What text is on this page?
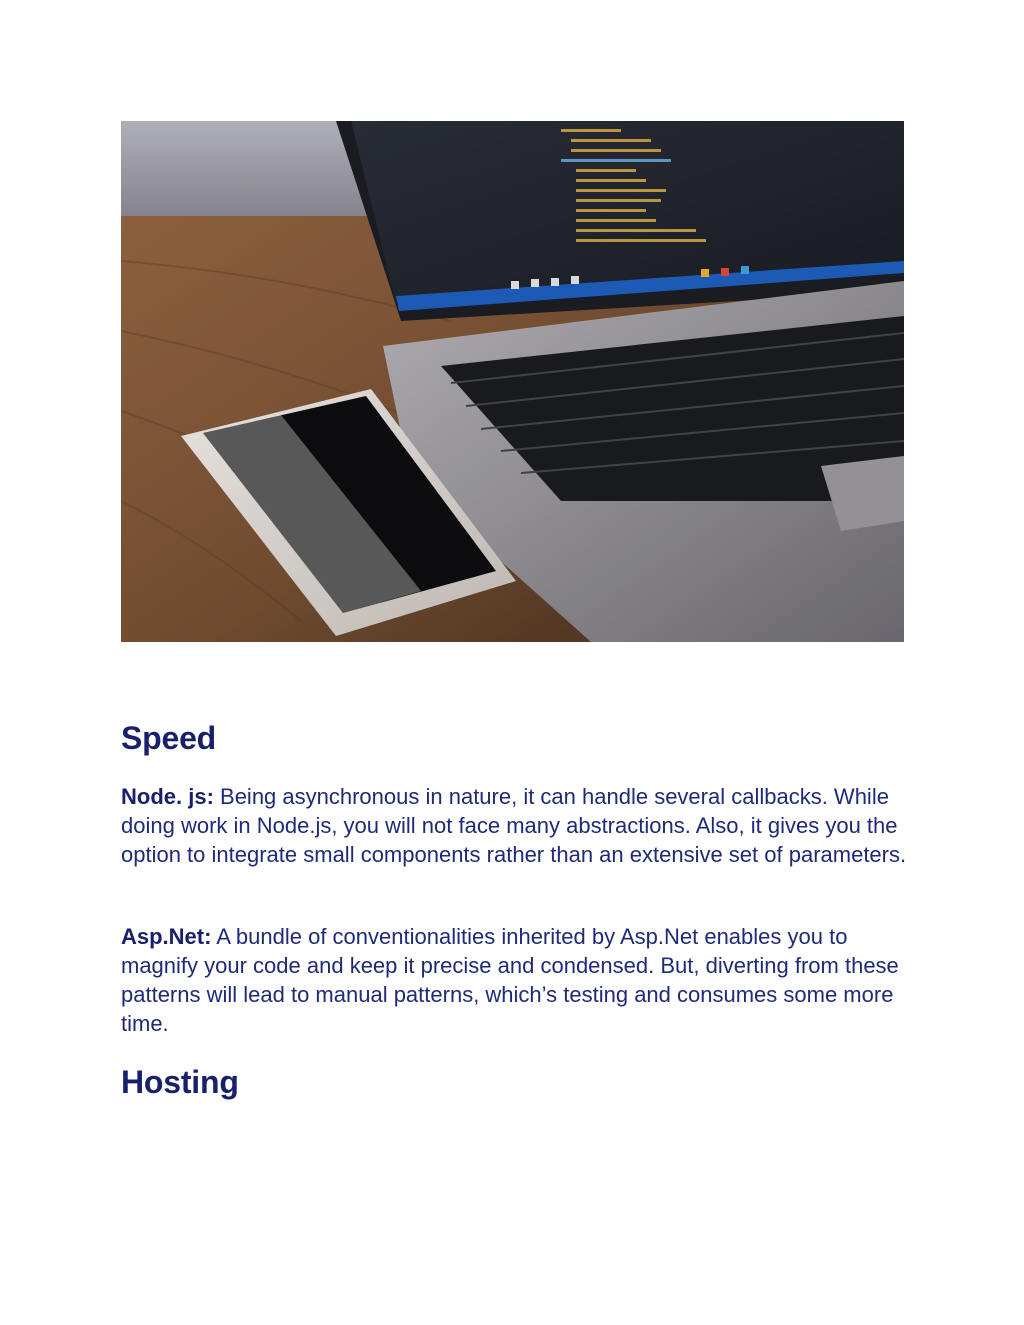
Speed

Node. js: Being asynchronous in nature, it can handle several callbacks. While doing work in Node.js, you will not face many abstractions. Also, it gives you the option to integrate small components rather than an extensive set of parameters.

Asp.Net: A bundle of conventionalities inherited by Asp.Net enables you to magnify your code and keep it precise and condensed. But, diverting from these patterns will lead to manual patterns, which’s testing and consumes some more time.

Hosting
